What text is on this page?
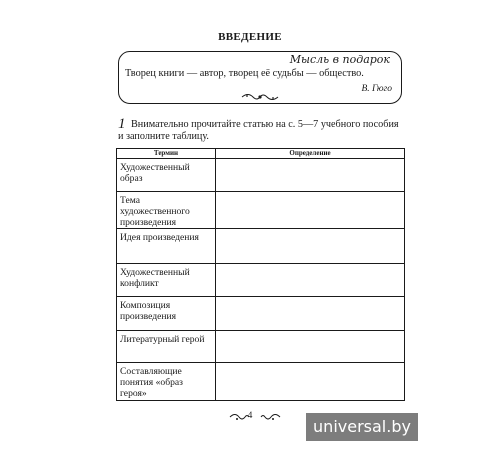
ВВЕДЕНИЕ
Мысль в подарок
Творец книги — автор, творец её судьбы — общество.
В. Гюго
1 Внимательно прочитайте статью на с. 5—7 учебного пособия и заполните таблицу.
Термин	Определение
Художественный образ	
Тема художественного произведения	
Идея произведения	
Художественный конфликт	
Композиция произведения	
Литературный герой	
Составляющие понятия «образ героя»	
4
universal.by
